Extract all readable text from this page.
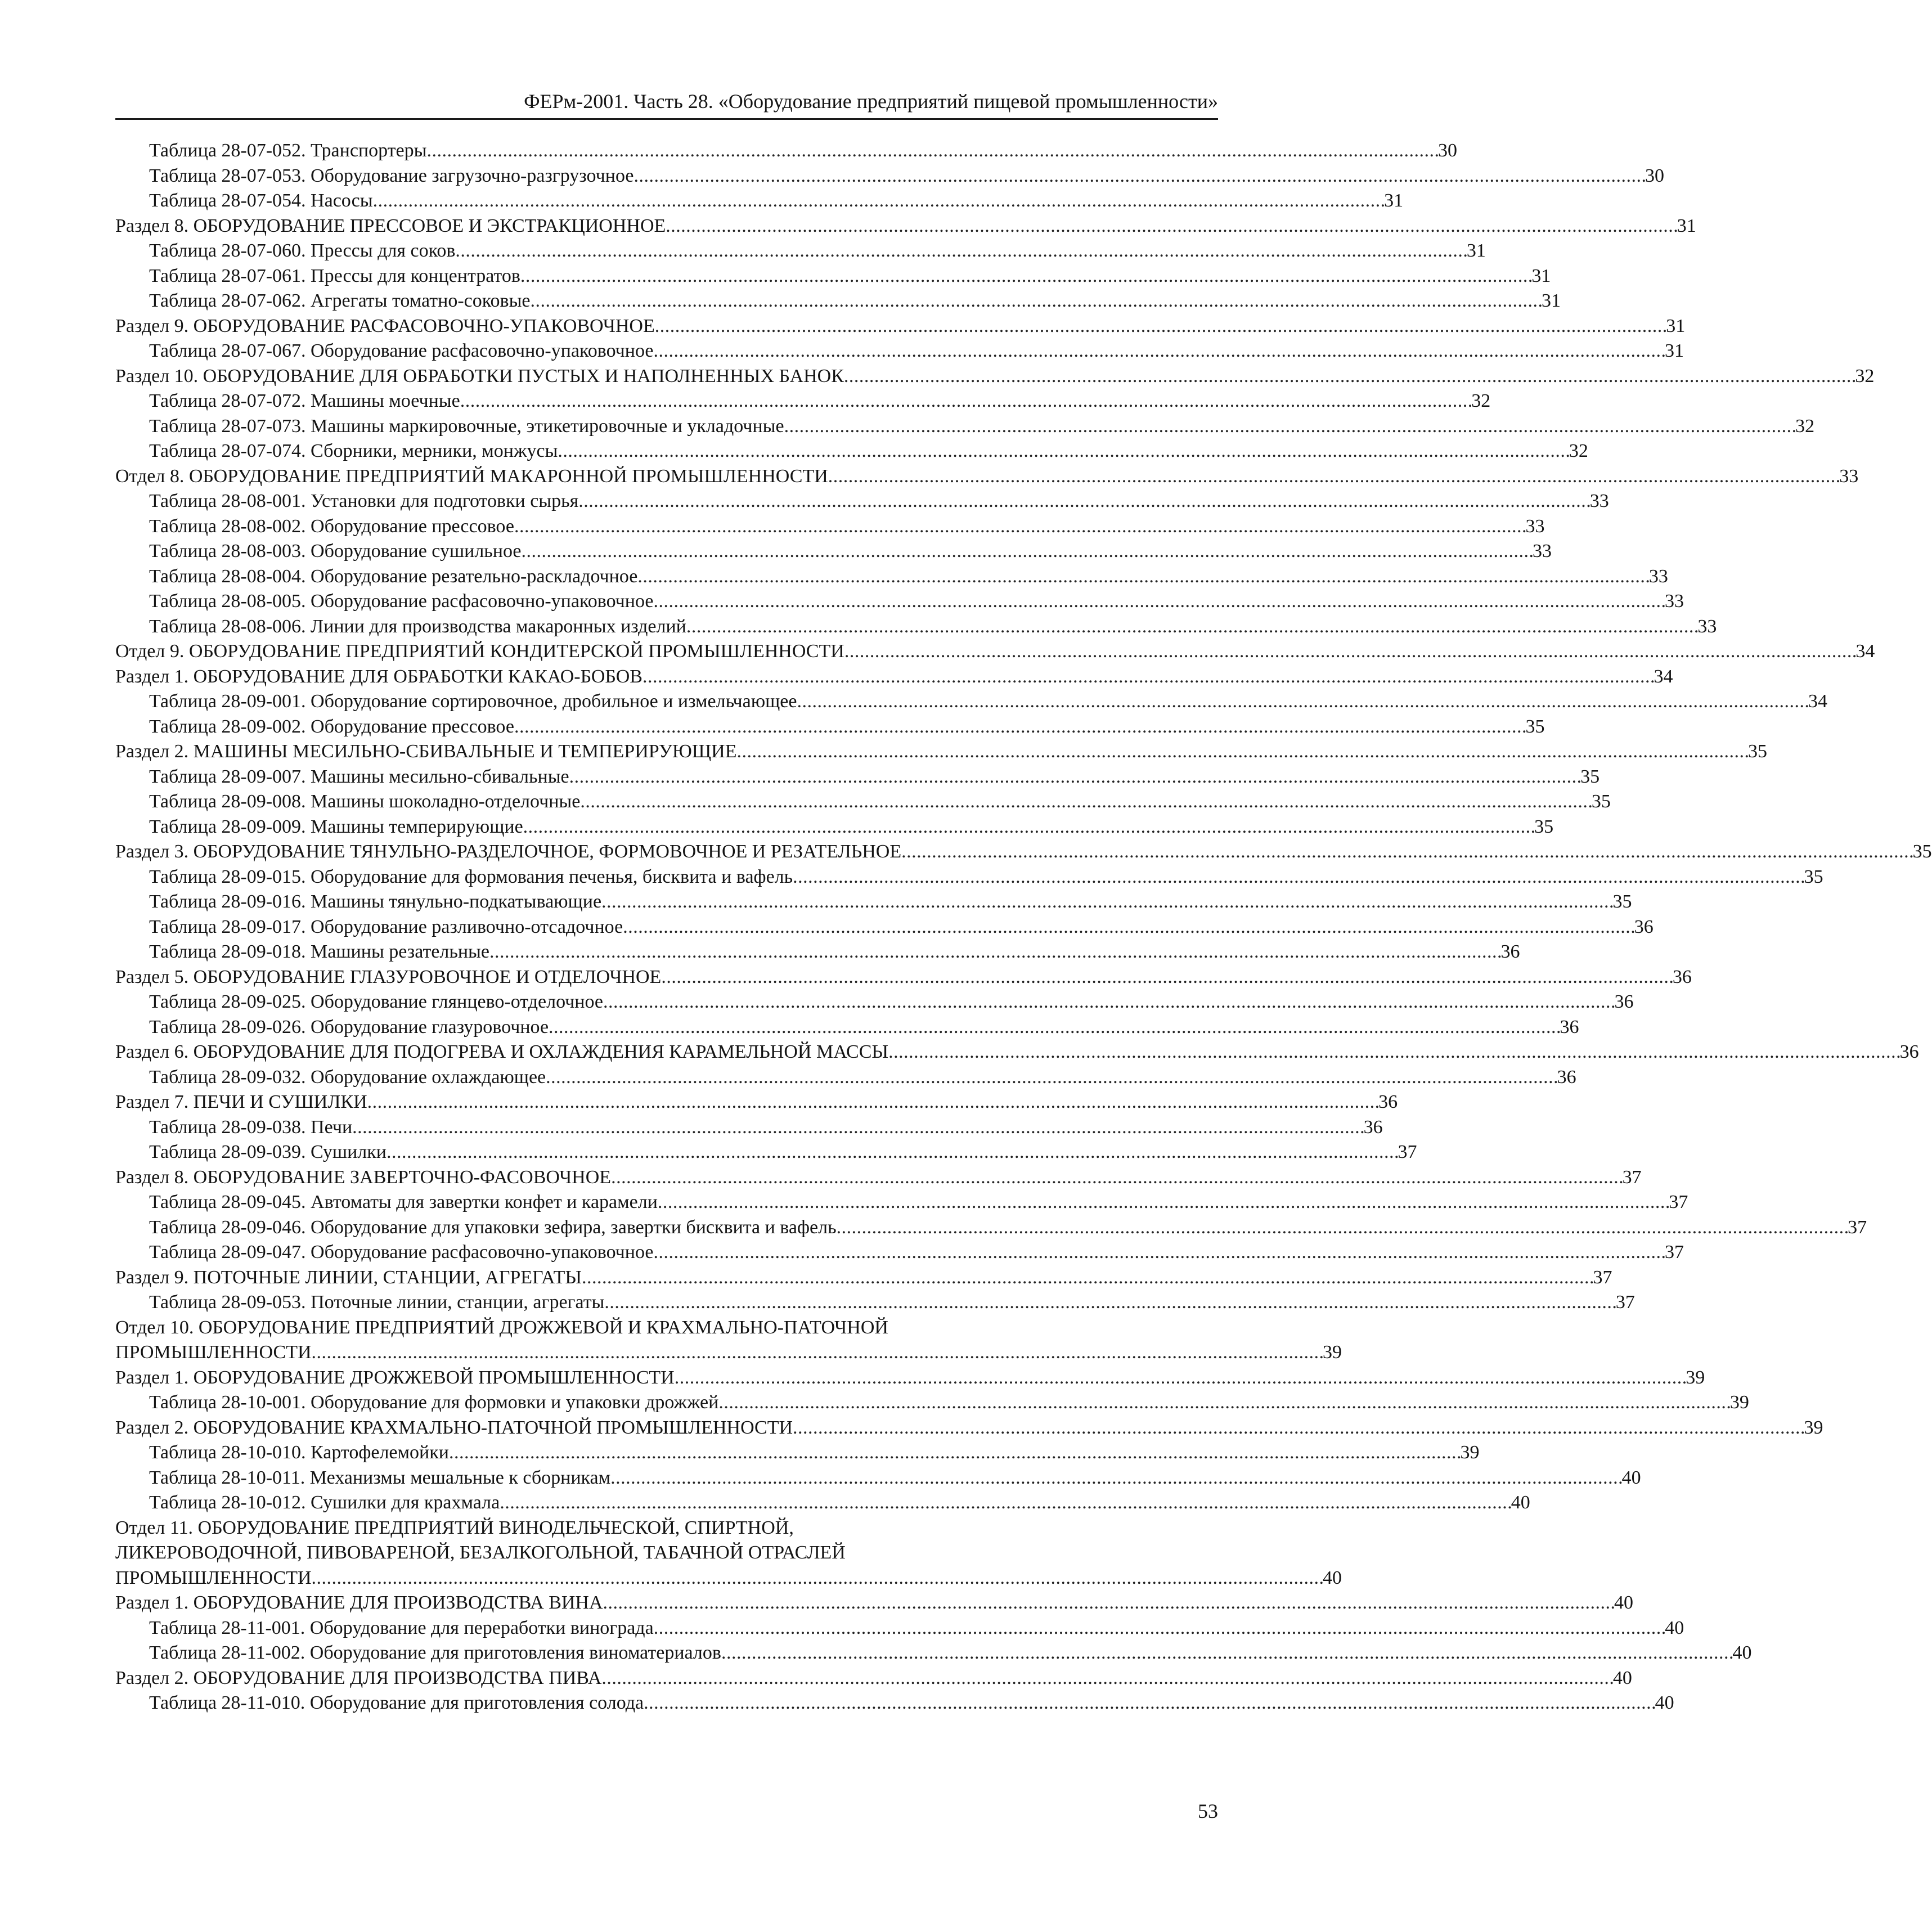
ФЕРм-2001. Часть 28. «Оборудование предприятий пищевой промышленности»
Таблица 28-07-052. Транспортеры . . .	30
Таблица 28-07-053. Оборудование загрузочно-разгрузочное . . .	30
Таблица 28-07-054. Насосы . . .	31
Раздел 8. ОБОРУДОВАНИЕ ПРЕССОВОЕ И ЭКСТРАКЦИОННОЕ . . .	31
Таблица 28-07-060. Прессы для соков . . .	31
Таблица 28-07-061. Прессы для концентратов . . .	31
Таблица 28-07-062. Агрегаты томатно-соковые . . .	31
Раздел 9. ОБОРУДОВАНИЕ РАСФАСОВОЧНО-УПАКОВОЧНОЕ . . .	31
Таблица 28-07-067. Оборудование расфасовочно-упаковочное . . .	31
Раздел 10. ОБОРУДОВАНИЕ ДЛЯ ОБРАБОТКИ ПУСТЫХ И НАПОЛНЕННЫХ БАНОК . . .	32
Таблица 28-07-072. Машины моечные . . .	32
Таблица 28-07-073. Машины маркировочные, этикетировочные и укладочные . . .	32
Таблица 28-07-074. Сборники, мерники, монжусы . . .	32
Отдел 8. ОБОРУДОВАНИЕ ПРЕДПРИЯТИЙ МАКАРОННОЙ ПРОМЫШЛЕННОСТИ . . .	33
Таблица 28-08-001. Установки для подготовки сырья . . .	33
Таблица 28-08-002. Оборудование прессовое . . .	33
Таблица 28-08-003. Оборудование сушильное . . .	33
Таблица 28-08-004. Оборудование резательно-раскладочное . . .	33
Таблица 28-08-005. Оборудование расфасовочно-упаковочное . . .	33
Таблица 28-08-006. Линии для производства макаронных изделий . . .	33
Отдел 9. ОБОРУДОВАНИЕ ПРЕДПРИЯТИЙ КОНДИТЕРСКОЙ ПРОМЫШЛЕННОСТИ . . .	34
Раздел 1. ОБОРУДОВАНИЕ ДЛЯ ОБРАБОТКИ КАКАО-БОБОВ . . .	34
Таблица 28-09-001. Оборудование сортировочное, дробильное и измельчающее . . .	34
Таблица 28-09-002. Оборудование прессовое . . .	35
Раздел 2. МАШИНЫ МЕСИЛЬНО-СБИВАЛЬНЫЕ И ТЕМПЕРИРУЮЩИЕ . . .	35
Таблица 28-09-007. Машины месильно-сбивальные . . .	35
Таблица 28-09-008. Машины шоколадно-отделочные . . .	35
Таблица 28-09-009. Машины темперирующие . . .	35
Раздел 3. ОБОРУДОВАНИЕ ТЯНУЛЬНО-РАЗДЕЛОЧНОЕ, ФОРМОВОЧНОЕ И РЕЗАТЕЛЬНОЕ . . .	35
Таблица 28-09-015. Оборудование для формования печенья, бисквита и вафель . . .	35
Таблица 28-09-016. Машины тянульно-подкатывающие . . .	35
Таблица 28-09-017. Оборудование разливочно-отсадочное . . .	36
Таблица 28-09-018. Машины резательные . . .	36
Раздел 5. ОБОРУДОВАНИЕ ГЛАЗУРОВОЧНОЕ И ОТДЕЛОЧНОЕ . . .	36
Таблица 28-09-025. Оборудование глянцево-отделочное . . .	36
Таблица 28-09-026. Оборудование глазуровочное . . .	36
Раздел 6. ОБОРУДОВАНИЕ ДЛЯ ПОДОГРЕВА И ОХЛАЖДЕНИЯ КАРАМЕЛЬНОЙ МАССЫ . . .	36
Таблица 28-09-032. Оборудование охлаждающее . . .	36
Раздел 7. ПЕЧИ И СУШИЛКИ . . .	36
Таблица 28-09-038. Печи . . .	36
Таблица 28-09-039. Сушилки . . .	37
Раздел 8. ОБОРУДОВАНИЕ ЗАВЕРТОЧНО-ФАСОВОЧНОЕ . . .	37
Таблица 28-09-045. Автоматы для завертки конфет и карамели . . .	37
Таблица 28-09-046. Оборудование для упаковки зефира, завертки бисквита и вафель . . .	37
Таблица 28-09-047. Оборудование расфасовочно-упаковочное . . .	37
Раздел 9. ПОТОЧНЫЕ ЛИНИИ, СТАНЦИИ, АГРЕГАТЫ . . .	37
Таблица 28-09-053. Поточные линии, станции, агрегаты . . .	37
Отдел 10. ОБОРУДОВАНИЕ ПРЕДПРИЯТИЙ ДРОЖЖЕВОЙ И КРАХМАЛЬНО-ПАТОЧНОЙ
ПРОМЫШЛЕННОСТИ . . .	39
Раздел 1. ОБОРУДОВАНИЕ ДРОЖЖЕВОЙ ПРОМЫШЛЕННОСТИ . . .	39
Таблица 28-10-001. Оборудование для формовки и упаковки дрожжей . . .	39
Раздел 2. ОБОРУДОВАНИЕ КРАХМАЛЬНО-ПАТОЧНОЙ ПРОМЫШЛЕННОСТИ . . .	39
Таблица 28-10-010. Картофелемойки . . .	39
Таблица 28-10-011. Механизмы мешальные к сборникам . . .	40
Таблица 28-10-012. Сушилки для крахмала . . .	40
Отдел 11. ОБОРУДОВАНИЕ ПРЕДПРИЯТИЙ ВИНОДЕЛЬЧЕСКОЙ, СПИРТНОЙ,
ЛИКЕРОВОДОЧНОЙ, ПИВОВАРЕНОЙ, БЕЗАЛКОГОЛЬНОЙ, ТАБАЧНОЙ ОТРАСЛЕЙ
ПРОМЫШЛЕННОСТИ . . .	40
Раздел 1. ОБОРУДОВАНИЕ ДЛЯ ПРОИЗВОДСТВА ВИНА . . .	40
Таблица 28-11-001. Оборудование для переработки винограда . . .	40
Таблица 28-11-002. Оборудование для приготовления виноматериалов . . .	40
Раздел 2. ОБОРУДОВАНИЕ ДЛЯ ПРОИЗВОДСТВА ПИВА . . .	40
Таблица 28-11-010. Оборудование для приготовления солода . . .	40
53
